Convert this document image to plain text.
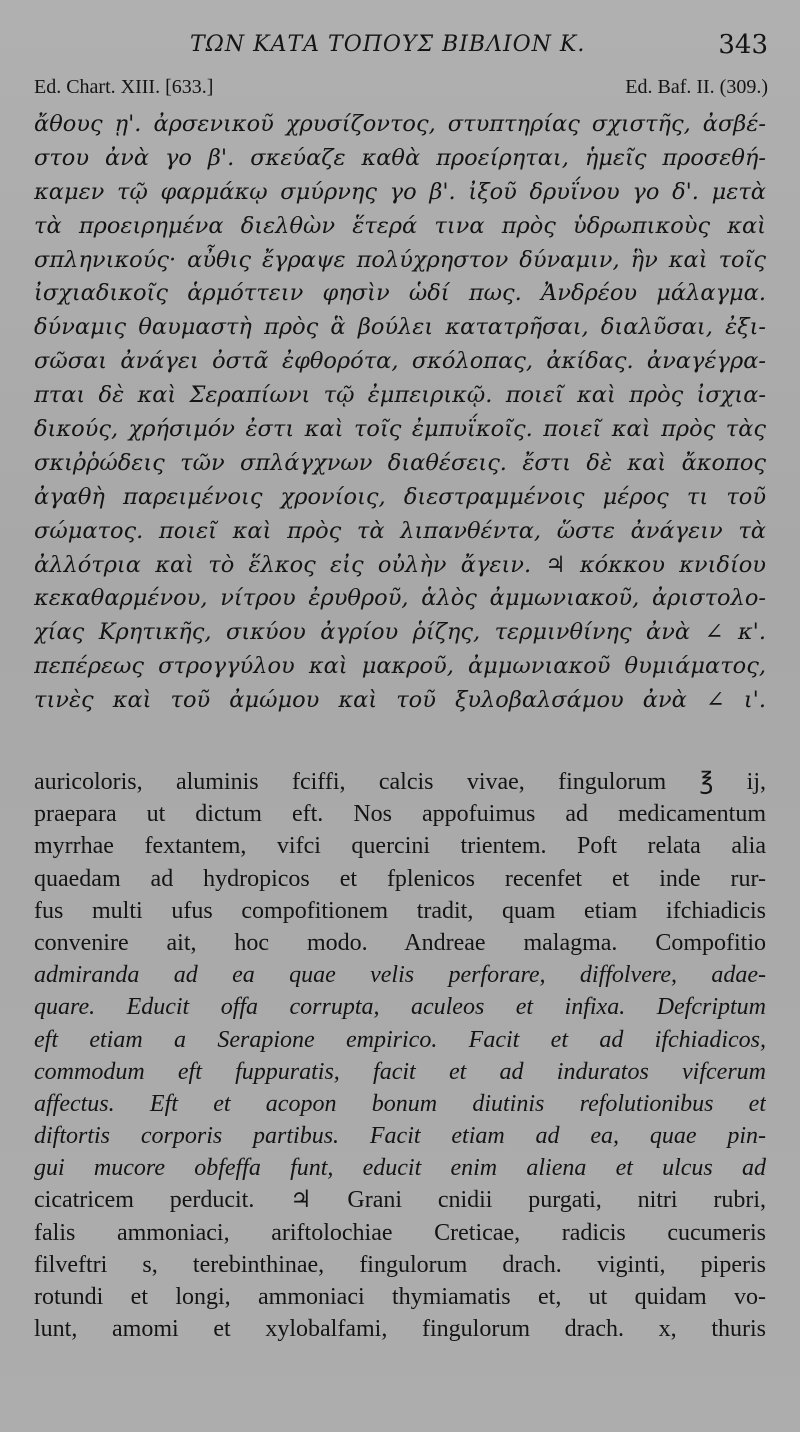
ΤΩΝ ΚΑΤΑ ΤΟΠΟΥΣ ΒΙΒΛΙΟΝ Κ.	343
Ed. Chart. XIII. [633.]	Ed. Baf. II. (309.)
ἄθους ῃ'. ἀρσενικοῦ χρυσίζοντος, στυπτηρίας σχιστῆς, ἀσβέ-
στου ἀνὰ γο β'. σκεύαζε καθὰ προείρηται, ἡμεῖς προσεθή-
καμεν τῷ φαρμάκῳ σμύρνης γο β'. ἰξοῦ δρυΐνου γο δ'. μετὰ
τὰ προειρημένα διελθὼν ἕτερά τινα πρὸς ὑδρωπικοὺς καὶ
σπληνικούς· αὖθις ἔγραψε πολύχρηστον δύναμιν, ἣν καὶ τοῖς
ἰσχιαδικοῖς ἁρμόττειν φησὶν ὡδί πως. Ἀνδρέου μάλαγμα.
δύναμις θαυμαστὴ πρὸς ἃ βούλει κατατρῆσαι, διαλῦσαι, ἐξι-
σῶσαι ἀνάγει ὀστᾶ ἐφθορότα, σκόλοπας, ἀκίδας. ἀναγέγρα-
πται δὲ καὶ Σεραπίωνι τῷ ἐμπειρικῷ. ποιεῖ καὶ πρὸς ἰσχια-
δικούς, χρήσιμόν ἐστι καὶ τοῖς ἐμπυΐκοῖς. ποιεῖ καὶ πρὸς τὰς
σκιῤῥώδεις τῶν σπλάγχνων διαθέσεις. ἔστι δὲ καὶ ἄκοπος
ἀγαθὴ παρειμένοις χρονίοις, διεστραμμένοις μέρος τι τοῦ
σώματος. ποιεῖ καὶ πρὸς τὰ λιπανθέντα, ὥστε ἀνάγειν τὰ
ἀλλότρια καὶ τὸ ἕλκος εἰς οὐλὴν ἄγειν. ♃ κόκκου κνιδίου
κεκαθαρμένου, νίτρου ἐρυθροῦ, ἁλὸς ἀμμωνιακοῦ, ἀριστολο-
χίας Κρητικῆς, σικύου ἀγρίου ῥίζης, τερμινθίνης ἀνὰ ∠ κ'.
πεπέρεως στρογγύλου καὶ μακροῦ, ἀμμωνιακοῦ θυμιάματος,
τινὲς καὶ τοῦ ἀμώμου καὶ τοῦ ξυλοβαλσάμου ἀνὰ ∠ ι'.
auricoloris, aluminis fciffi, calcis vivae, fingulorum ℥ ij,
praepara ut dictum eft. Nos appofuimus ad medicamentum
myrrhae fextantem, vifci quercini trientem. Poft relata alia
quaedam ad hydropicos et fplenicos recenfet et inde rur-
fus multi ufus compofitionem tradit, quam etiam ifchiadicis
convenire ait, hoc modo. Andreae malagma. Compofitio
admiranda ad ea quae velis perforare, diffolvere, adae-
quare. Educit offa corrupta, aculeos et infixa. Defcriptum
eft etiam a Serapione empirico. Facit et ad ifchiadicos,
commodum eft fuppuratis, facit et ad induratos vifcerum
affectus. Eft et acopon bonum diutinis refolutionibus et
diftortis corporis partibus. Facit etiam ad ea, quae pin-
gui mucore obfeffa funt, educit enim aliena et ulcus ad
cicatricem perducit. ♃ Grani cnidii purgati, nitri rubri,
falis ammoniaci, ariftolochiae Creticae, radicis cucumeris
filveftri s, terebinthinae, fingulorum drach. viginti, piperis
rotundi et longi, ammoniaci thymiamatis et, ut quidam vo-
lunt, amomi et xylobalfami, fingulorum drach. x, thuris
